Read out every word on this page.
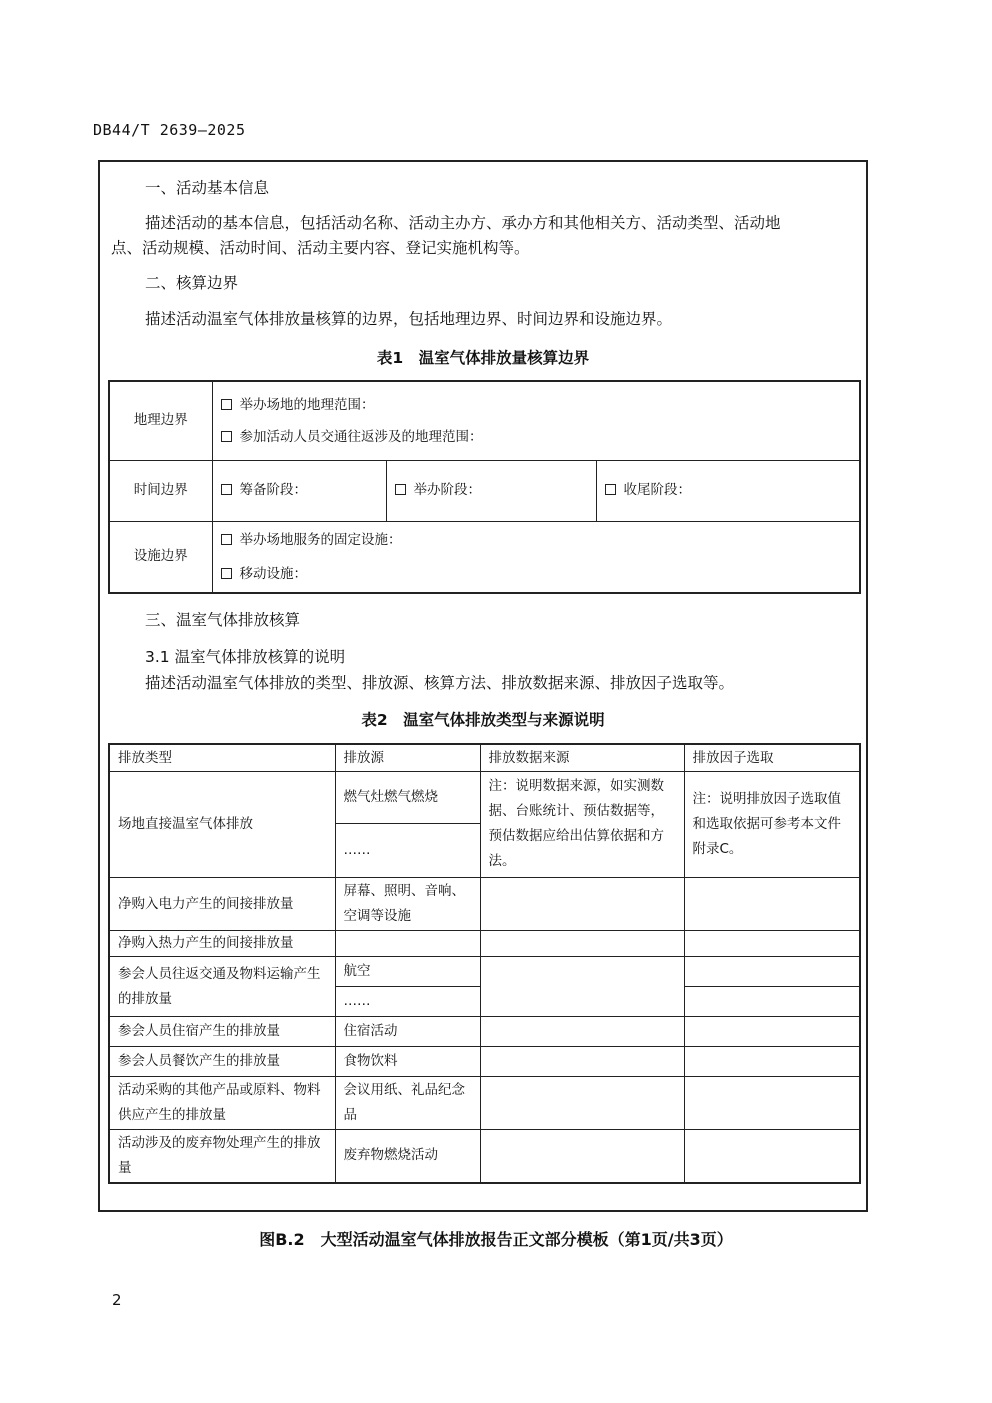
DB44/T 2639—2025
一、活动基本信息
描述活动的基本信息，包括活动名称、活动主办方、承办方和其他相关方、活动类型、活动地
点、活动规模、活动时间、活动主要内容、登记实施机构等。
二、核算边界
描述活动温室气体排放量核算的边界，包括地理边界、时间边界和设施边界。
表1　温室气体排放量核算边界
地理边界	举办场地的地理范围：
参加活动人员交通往返涉及的地理范围：		

时间边界	筹备阶段：	举办阶段：	收尾阶段：
设施边界	举办场地服务的固定设施：
移动设施：		
三、温室气体排放核算
3.1 温室气体排放核算的说明
描述活动温室气体排放的类型、排放源、核算方法、排放数据来源、排放因子选取等。
表2　温室气体排放类型与来源说明
排放类型	排放源	排放数据来源	排放因子选取
场地直接温室气体排放	燃气灶燃气燃烧	注：说明数据来源，如实测数据、台账统计、预估数据等，预估数据应给出估算依据和方法。	注：说明排放因子选取值和选取依据可参考本文件附录C。
	……		
净购入电力产生的间接排放量	屏幕、照明、音响、空调等设施		
净购入热力产生的间接排放量			
参会人员往返交通及物料运输产生的排放量	航空		
	……		
参会人员住宿产生的排放量	住宿活动		
参会人员餐饮产生的排放量	食物饮料		
活动采购的其他产品或原料、物料供应产生的排放量	会议用纸、礼品纪念品		
活动涉及的废弃物处理产生的排放量	废弃物燃烧活动		
图B.2　大型活动温室气体排放报告正文部分模板（第1页/共3页）
2
